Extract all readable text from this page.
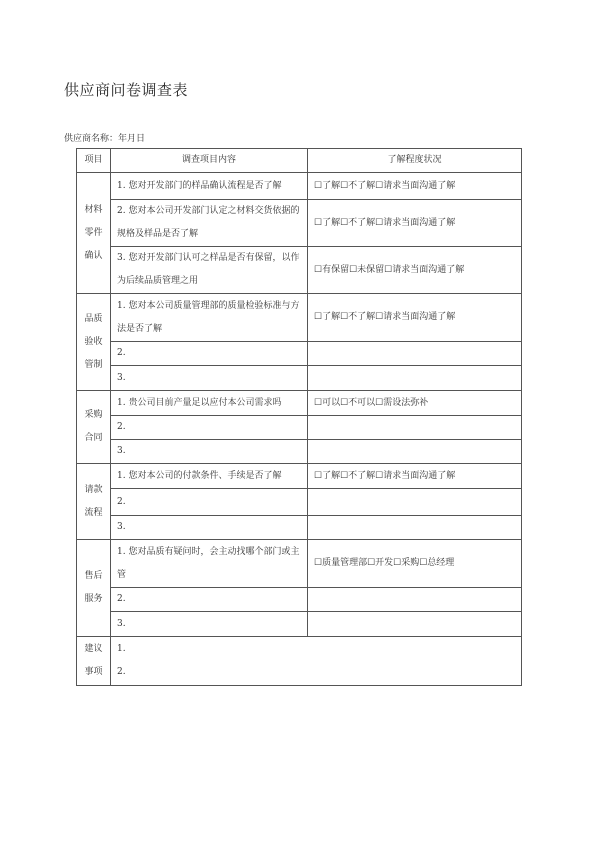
供应商问卷调查表
供应商名称：年月日
项目	调查项目内容	了解程度状况

材料
零件
确认	1. 您对开发部门的样品确认流程是否了解	☐了解☐不了解☐请求当面沟通了解
	2. 您对本公司开发部门认定之材料交货依据的规格及样品是否了解	☐了解☐不了解☐请求当面沟通了解
	3. 您对开发部门认可之样品是否有保留，以作为后续品质管理之用	☐有保留☐未保留☐请求当面沟通了解

品质
验收
管制	1. 您对本公司质量管理部的质量检验标准与方法是否了解	☐了解☐不了解☐请求当面沟通了解
	2.	
	3.	

采购
合同	1. 贵公司目前产量足以应付本公司需求吗	☐可以☐不可以☐需设法弥补
	2.	
	3.	

请款
流程	1. 您对本公司的付款条件、手续是否了解	☐了解☐不了解☐请求当面沟通了解
	2.	
	3.	

售后
服务	1. 您对品质有疑问时，会主动找哪个部门或主管	☐质量管理部☐开发☐采购☐总经理
	2.	
	3.	

建议
事项	1.
2.	
